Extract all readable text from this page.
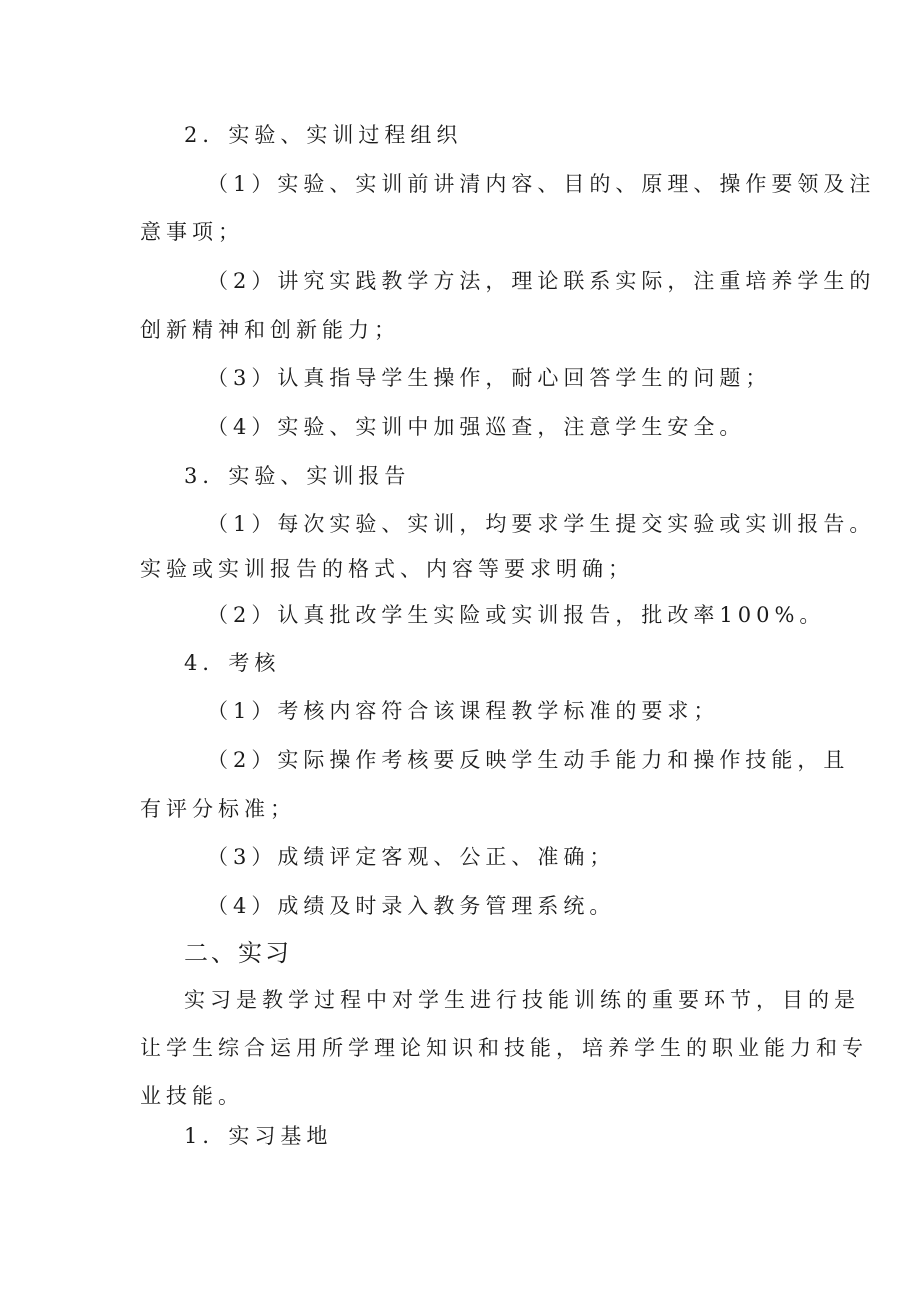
2．实验、实训过程组织

（1）实验、实训前讲清内容、目的、原理、操作要领及注

意事项；

（2）讲究实践教学方法，理论联系实际，注重培养学生的

创新精神和创新能力；

（3）认真指导学生操作，耐心回答学生的问题；

（4）实验、实训中加强巡查，注意学生安全。

3．实验、实训报告

（1）每次实验、实训，均要求学生提交实验或实训报告。

实验或实训报告的格式、内容等要求明确；

（2）认真批改学生实险或实训报告，批改率100%。

4．考核

（1）考核内容符合该课程教学标准的要求；

（2）实际操作考核要反映学生动手能力和操作技能，且

有评分标准；

（3）成绩评定客观、公正、准确；

（4）成绩及时录入教务管理系统。

二、实习

实习是教学过程中对学生进行技能训练的重要环节，目的是

让学生综合运用所学理论知识和技能，培养学生的职业能力和专

业技能。

1．实习基地
